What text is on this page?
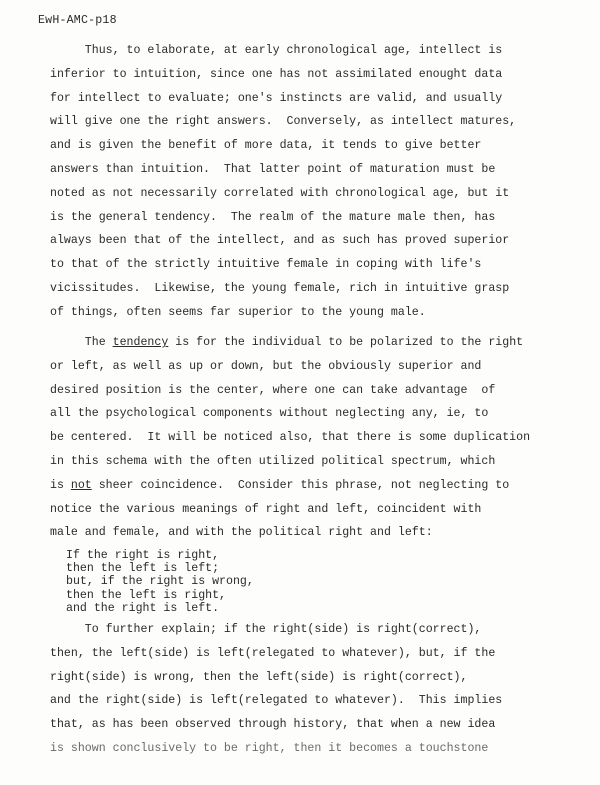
EwH-AMC-p18
Thus, to elaborate, at early chronological age, intellect is
inferior to intuition, since one has not assimilated enought data
for intellect to evaluate; one's instincts are valid, and usually
will give one the right answers.  Conversely, as intellect matures,
and is given the benefit of more data, it tends to give better
answers than intuition.  That latter point of maturation must be
noted as not necessarily correlated with chronological age, but it
is the general tendency.  The realm of the mature male then, has
always been that of the intellect, and as such has proved superior
to that of the strictly intuitive female in coping with life's
vicissitudes.  Likewise, the young female, rich in intuitive grasp
of things, often seems far superior to the young male.
The tendency is for the individual to be polarized to the right
or left, as well as up or down, but the obviously superior and
desired position is the center, where one can take advantage  of
all the psychological components without neglecting any, ie, to
be centered.  It will be noticed also, that there is some duplication
in this schema with the often utilized political spectrum, which
is not sheer coincidence.  Consider this phrase, not neglecting to
notice the various meanings of right and left, coincident with
male and female, and with the political right and left:
If the right is right,
then the left is left;
but, if the right is wrong,
then the left is right,
and the right is left.
To further explain; if the right(side) is right(correct),
then, the left(side) is left(relegated to whatever), but, if the
right(side) is wrong, then the left(side) is right(correct),
and the right(side) is left(relegated to whatever).  This implies
that, as has been observed through history, that when a new idea
is shown conclusively to be right, then it becomes a touchstone
